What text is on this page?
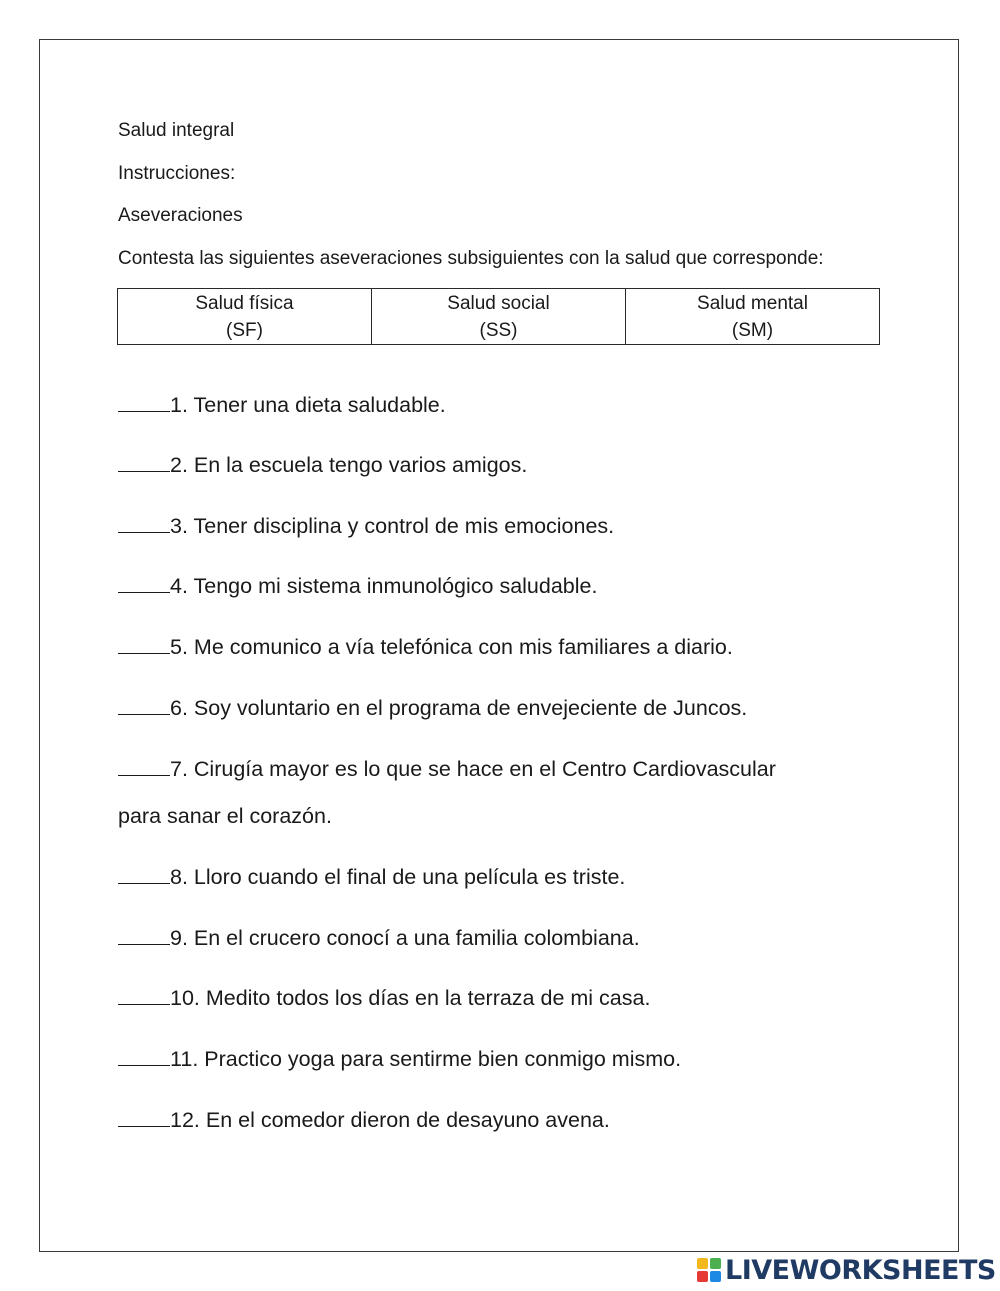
Salud integral
Instrucciones:
Aseveraciones
Contesta las siguientes aseveraciones subsiguientes con la salud que corresponde:
Salud física
(SF)
Salud social
(SS)
Salud mental
(SM)
1. Tener una dieta saludable.
2. En la escuela tengo varios amigos.
3. Tener disciplina y control de mis emociones.
4. Tengo mi sistema inmunológico saludable.
5. Me comunico a vía telefónica con mis familiares a diario.
6. Soy voluntario en el programa de envejeciente de Juncos.
7. Cirugía mayor es lo que se hace en el Centro Cardiovascular
para sanar el corazón.
8. Lloro cuando el final de una película es triste.
9. En el crucero conocí a una familia colombiana.
10. Medito todos los días en la terraza de mi casa.
11. Practico yoga para sentirme bien conmigo mismo.
12. En el comedor dieron de desayuno avena.
LIVEWORKSHEETS
